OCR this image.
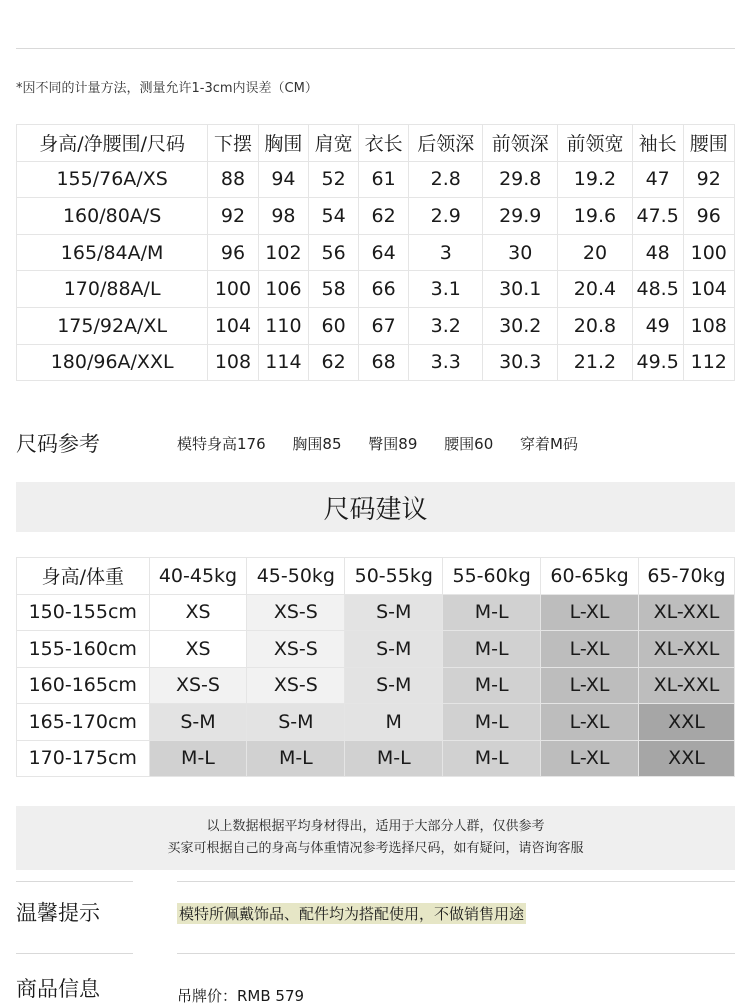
*因不同的计量方法，测量允许1-3cm内误差（CM）
身高/净腰围/尺码	下摆	胸围	肩宽	衣长	后领深	前领深	前领宽	袖长	腰围
155/76A/XS	88	94	52	61	2.8	29.8	19.2	47	92
160/80A/S	92	98	54	62	2.9	29.9	19.6	47.5	96
165/84A/M	96	102	56	64	3	30	20	48	100
170/88A/L	100	106	58	66	3.1	30.1	20.4	48.5	104
175/92A/XL	104	110	60	67	3.2	30.2	20.8	49	108
180/96A/XXL	108	114	62	68	3.3	30.3	21.2	49.5	112
尺码参考	模特身高176 胸围85 臀围89 腰围60 穿着M码
尺码建议
身高/体重	40-45kg	45-50kg	50-55kg	55-60kg	60-65kg	65-70kg
150-155cm	XS	XS-S	S-M	M-L	L-XL	XL-XXL
155-160cm	XS	XS-S	S-M	M-L	L-XL	XL-XXL
160-165cm	XS-S	XS-S	S-M	M-L	L-XL	XL-XXL
165-170cm	S-M	S-M	M	M-L	L-XL	XXL
170-175cm	M-L	M-L	M-L	M-L	L-XL	XXL
以上数据根据平均身材得出，适用于大部分人群，仅供参考
买家可根据自己的身高与体重情况参考选择尺码，如有疑问，请咨询客服
温馨提示	模特所佩戴饰品、配件均为搭配使用，不做销售用途
商品信息	吊牌价：RMB 579
